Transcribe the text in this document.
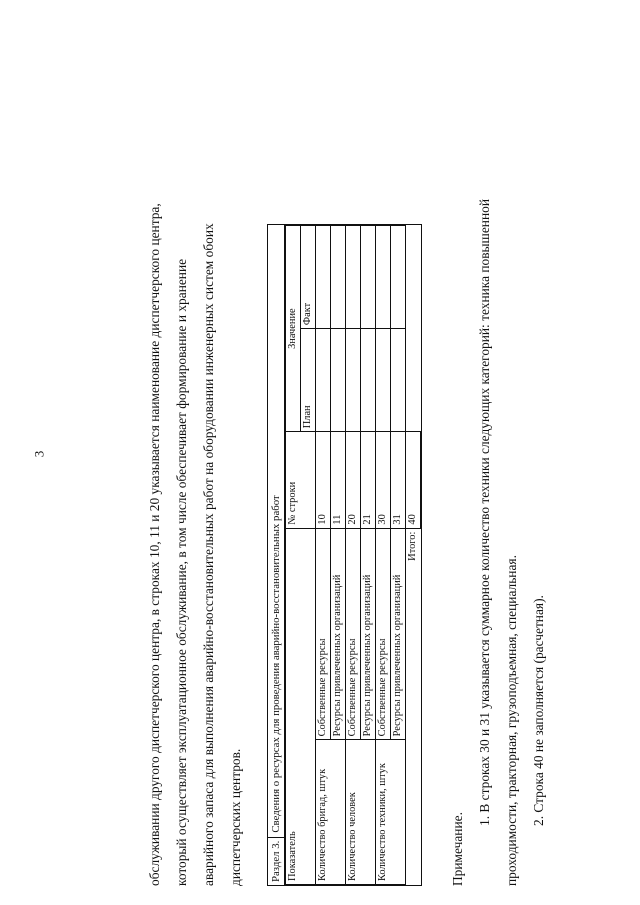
3	обслуживании другого диспетчерского центра, в строках 10, 11 и 20 указывается наименование диспетчерского центра, который осуществляет эксплуатационное обслуживание, в том числе обеспечивает формирование и хранение аварийного запаса для выполнения аварийно-восстановительных работ на оборудовании инженерных систем обоих диспетчерских центров.	Раздел 3.
Сведения о ресурсах для проведения аварийно-восстановительных работ
Показатель		№ строки	Значение	
			План	Факт
Количество бригад, штук	Собственные ресурсы	10		
	Ресурсы привлеченных организаций	11		
Количество человек	Собственные ресурсы	20		
	Ресурсы привлеченных организаций	21		
Количество техники, штук	Собственные ресурсы	30		
	Ресурсы привлеченных организаций	31		
Итого:		40		
Примечание.
1. В строках 30 и 31 указывается суммарное количество техники следующих категорий: техника повышенной проходимости, тракторная, грузоподъемная, специальная. 2. Строка 40 не заполняется (расчетная).
